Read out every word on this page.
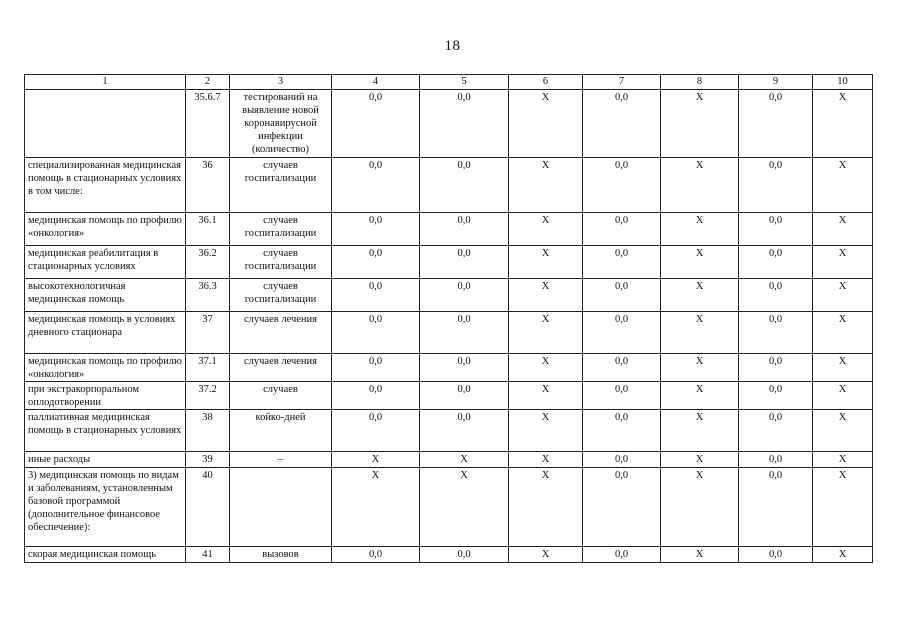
18
1	2	3	4	5	6	7	8	9	10
	35.6.7	тестирований на выявление новой коронавирусной инфекции (количество)	0,0	0,0	X	0,0	X	0,0	X
специализированная медицинская помощь в стационарных условиях в том числе:	36	случаев госпитализации	0,0	0,0	X	0,0	X	0,0	X
медицинская помощь по профилю «онкология»	36.1	случаев госпитализации	0,0	0,0	X	0,0	X	0,0	X
медицинская реабилитация в стационарных условиях	36.2	случаев госпитализации	0,0	0,0	X	0,0	X	0,0	X
высокотехнологичная медицинская помощь	36.3	случаев госпитализации	0,0	0,0	X	0,0	X	0,0	X
медицинская помощь в условиях дневного стационара	37	случаев лечения	0,0	0,0	X	0,0	X	0,0	X
медицинская помощь по профилю «онкология»	37.1	случаев лечения	0,0	0,0	X	0,0	X	0,0	X
при экстракорпоральном оплодотворении	37.2	случаев	0,0	0,0	X	0,0	X	0,0	X
паллиативная медицинская помощь в стационарных условиях	38	койко-дней	0,0	0,0	X	0,0	X	0,0	X
иные расходы	39	–	X	X	X	0,0	X	0,0	X
3) медицинская помощь по видам и заболеваниям, установленным базовой программой (дополнительное финансовое обеспечение):	40		X	X	X	0,0	X	0,0	X
скорая медицинская помощь	41	вызовов	0,0	0,0	X	0,0	X	0,0	X
